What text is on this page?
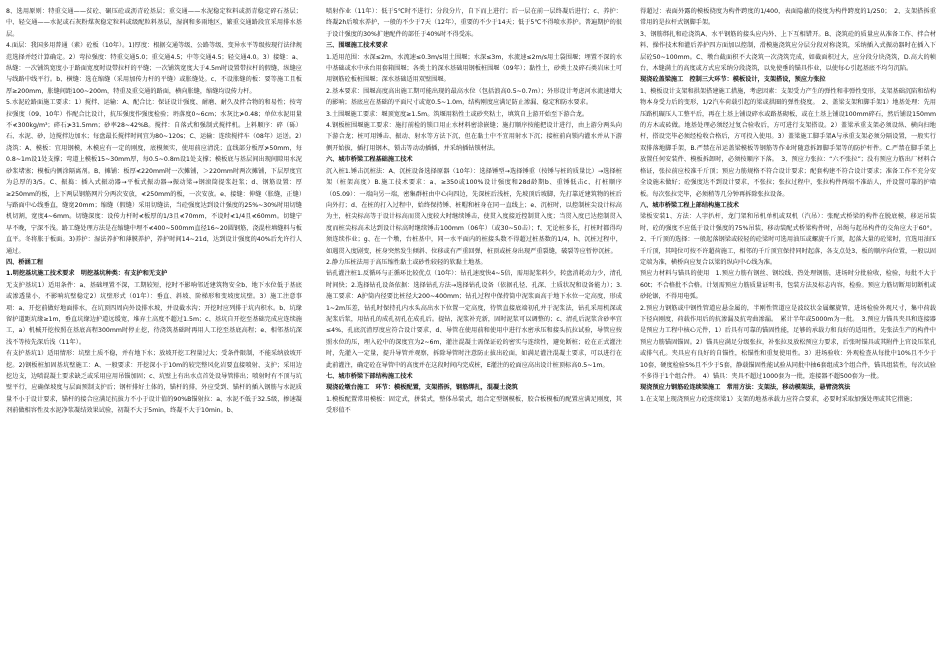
8、选用原则：特重交通——贫砼、碾压砼或沥青砼基层；重交通——水泥稳定粒料或沥青稳定碎石基层；中、轻交通——水泥或石灰粉煤灰稳定粒料或级配粒料基层，湿润和多雨地区，繁重交通路段宜采用排水基层。

4.面层：我国多用普通（素）砼板（10年）。1)厚度：根据交通等级、公路等级、变异水平等级按现行法律规范选择并经计算确定。2）弯拉强度：特重交通5.0；重交通4.5；中等交通4.5；轻交通4.0。3）接缝：a、纵缝：一次铺筑宽度小于路面宽度时设带拉杆的平缝；一次铺筑宽度大于4.5m时设置带拉杆的假缝，纵缝应与线路中线平行。b、横缝：选在缩缝（采用加传力杆的平缝）或胀缝处。c、不设胀缝的板：要等施工且板厚≥200mm，胀缝间距100~200m，特重及重交通的路面，横向胀缝，缩缝均设传力杆。

5.水泥砼路面施工要求：1）搅拌、运输：A、配合比：保证设计强度、耐磨、耐久及拌合物的和易性；按弯拉强度（09、10年）作配合比设计，抗压强度作强度检验；坍落度0~6cm；水灰比≯0.48；单位水泥用量不≮300kg/m³；碎石≯31.5mm；砂率28~42%B。搅拌：自落式和强制式搅拌机。上料顺序：碎（砾）石、水泥、砂，边搅拌边加水；每盘最长搅拌时间宜为80~120s；C、运输：连续搅拌车（08年）运送。2）浇筑：A、模板：宜用钢模，木模应有一定的刚度，底模须实，使用前应清洗；直线部分板厚≯50mm，每0.8~1m设1处支撑；弯道上模板15~30mm厚，每0.5~0.8m设1处支撑；模板底与基层间出现间隙用水泥砂浆堵塞；模板内侧涂隔离剂。B、摊铺：板厚≮220mm时一次摊铺，＞220mm时两次摊铺，下层厚度宜为总厚的3/5。C、振捣：插入式振动器→平板式振动器→振动梁→钢滚筒提浆赶浆；d、钢筋设置：厚≥250mm的板，上下两层钢筋网片分两次安放，≮250mm的板，一次安放。e、接缝：伸缝（胀缝，正缝）与路面中心线垂直，缝宽20mm；缩缝（假缝）采用切缝法，当砼强度达到设计强度的25%~30%时用切缝机切割，宽度4~6mm。切缝深度：设传力杆时≮板厚的1/3且≮70mm，不设时≮1/4且≮60mm。切缝宁早不晚，宁深不浅。路工缝处理方法是在缩缝中埋不≮400~500mm直径16~20圆钢筋，浇混柱填缝料与板直平。冬将胀于板面。3)养护：湿法养护和薄膜养护，养护时间14~21d，达到设计强度的40%后允许行人通过。

四、桥涵工程

1.明挖基坑施工技术要求　明挖基坑种类：有支护和无支护

无支护基坑1）适用条件：a、基础埋置不深，工期较短，挖时不影响邻近建筑物安全b、地下水位低于基底或渗透量小，不影响坑壁稳定2）坑壁形式（01年）：垂直、斜坡、阶梯形和变坡度坑壁。3）施工注意事项：a、开挖前做好地面排水，在坑顶四周向外设排水坡，并设截水沟；开挖时应列排于坑内积水。b、坑缘留护道距坑缘≥1m，垂直坑缘边护道远缓宽，堆弃土高度不超过1.5m；c、基坑自开挖至基础完成应连续施工，a）机械开挖按照在基底高程300mm时停止挖，待浇筑基础时再用人工挖至基底高程；e、相邻基坑深浅不等按先深后浅（11年）。

有支护基坑1）适用情形：坑壁土质不稳，并有地下水；放坡开挖工程量过大；受条件限制，不能采纳放坡开挖。2)钢板桩加固基坑壁施工：A、一般要求：开挖深小于10m的较完整风化岩要直接喷射、支护；采用边挖边支，边喷混凝土要求缺乏或采用应用吊锚加固；c、坑壁上有出水点首处设导管排出；喷射时有不顶与坑壁平行，应确保坡度与层面预制支护后；钢杆排好土体的，锚杆的排，外应受到、锚杆的插入钢筋与水泥质量不小于设计要求，锚杆的接合应满足抗拔力不小于设计值的90%B锚射拉：a、水泥不低于32.5级，掺速凝剂前做相容性及水泥净浆凝结效果试验，初凝不大于5min，终凝不大于10min。b、

喷射作业（11年）：低于5℃时不进行；分段分片，自下而上进行；后一层在前一层终凝后进行；c、养护：终凝2h后喷水养护，一般的不少于7天（12年），重要的不少于14天；低于5℃不得喷水养护。普遍期护的很于设计强度的30%扩建配件的部任于40%时不得受冻。

三、围堰施工技术要求

1.适用范围：水深≤2m，水流速≤0.3m/s用土围堰；水深≤3m，水流速≤2m/s用土袋围堰；埋置不深的水中基础或水中承台用套箱围堰；各类土的深水基础用钢板桩围堰（09年）；黏性土，砂类土及碎石类岩床土可用钢筋砼板桩围堰；深水基础适用双壁围堰。

2.基本要求：围堰高度高出施工期可能出现的最高水位（包括浪高0.5~0.7m）；外形设计考虑河水流速增大的影响；基底应在基础的平面尺寸或宽0.5~1.0m，结构刚度应满足防止渗漏、稳定和防水要求。

3.土围堰施工要求：堰顶宽度≥1.5m。筑堰用粘性土或砂夹粘土，填筑自上游开始至下游合龙。

4.钢板桩围堰施工要求：施打前检的锁口用止水材料密涂嵌缝；施打顺序按能把设计进行，由上游分两头向下游合龙；桩可用锤击、振动、射水等方法下沉，但在黏土中不宜用射水下沉；接桩前向锁内灌水并从下游侧开始拔，插打用钢木，锁击等动动插插，并采纳插钻锁材法。

六、城市桥梁工程基础施工技术

沉入桩1.锤击沉桩法：A、沉桩设备选择原器（10年）：选择锤型→选择锤重（按锤与桩的质量比）→选择桩架（桩架高度）B.施工技术要求：a、≥350或100%设计强度和28d龄期b、重锤低击c、打桩顺序（05.09）：一端向另一端，密集群桩由中心向四边，先深桩后浅桩，先坡顶后坡脚，先打靠近建筑物的桩后向外打；d、在桩的打入过程中，始终保持锤、桩帽和桩身在同一直线上；e、沉桩时，以控制桩尖设计标高为主，桩尖标高等于设计标高而贯入度较大时继续锤击，使贯入度接近控制贯入度；当贯入度已达控制贯入度而桩尖标高未达到设计标高时继续锤击100mm（06年）（或30~50击）；f、无论桩多长，打桩时都得均须连续作业；g、在一个墩，台桩基中，同一水平面内的桩接头数不得超过桩基数的1/4，h、沉桩过程中，如遇贯入度剧变，桩身突然发生倾斜、位移或有严重回弹，桩顶或桩身出现严重裂缝，破裂等应暂停沉桩。

2.静力压桩法用于高压缩性黏土或砂性较轻的软黏土地基。

钻孔灌注桩1.反循环与正循环比较优点（10年）：钻孔速度快4~5倍，需用泥浆料少，转盘消耗动力少，清孔时间快；2.选择钻孔设备依据：选择钻孔方法→选择钻孔设备（依据孔径、孔深、土质状况和设备能力）；3.施工要求：A护筒内径要比桩径大200~400mm；钻孔过程中保持筒中泥浆面高于地下水位一定高度，形成1~2m压差，钻孔时保持孔内水头高出水下位置一定高度，待管直接底端初孔并于泥浆法，钻孔采用机深或泥浆后浆，用钻孔的成孔初孔在成孔后。提钻，泥浆补充新，固时泥浆可以调整的；c、清孔后泥浆含砂率宜≤4%，孔底沉渣厚度应符合设计要求，d、导管在使用前和使用中进行水密承压和接头抗拉试验，导管应按照水位的压，埋入砼中的深度宜为2~6m，灌注混凝土需保证砼的密实与连续性，避免断桩；砼在正式灌注时，先灌入一定量，提升导管并观察，拆除导管时注意防止拔出砼面，如满足灌注混凝土要求，可以进行在此前灌注，确定砼在导管中的高度并在这段时间内完成桩，E灌注的砼面应高出设计桩顶标高0.5~1m。

七、城市桥梁下部结构施工技术

现浇砼墩台施工　环节：模板配置，支架搭拆，钢筋绑扎，混凝土浇筑

1.模板配置常用模板：固定式，拼装式，整体吊装式，组合定型钢模板，胶合板模板的配置应满足刚度，其受形值不

得超过：表面外露的模板挠度为构件跨度的1/400，表面隐蔽的挠度为构件跨度的1/250；　2、支架搭拆重常用的是拉杆式钢脚手架。

3、钢筋绑扎和砼浇筑A、水平钢筋的接头应内外、上下互相错开。B、浇筑砼的质量应从准备工作、拌合材料、操作技术和灌后养护四方面加以控制，滑模施浇筑应分层分段对称浇筑，采纳插入式振动器时在插入下层砼50~100mm。C、墩台截面积不大浇筑一次浇筑完成，如截面积过大，应分段分块浇筑，D.高大的帧台，木缝满土的高度或方式应采纳分段浇筑，以免使垂的锚具作业，以使每心引起基底不均匀沉陷。

现浇砼盖梁施工　控制三大环节：模板设计，支架搭设，预应力张拉

1、模板设计支架和拱架搭建施工措施，考虑因素：支架受力产生的弹性和非弹性变形，支架基础沉陷和结构物本身受力后的变形，1/2汽车荷载引起的梁或拱圈的弹性挠度。　2、盖梁支架和脚手架1）地基处理：先用压路机碾压人工整平后，再在土基上铺设碎水或路基砌板，或在土基上铺设100mm碎石，然后铺设150mm的方木或砖做。地基处理必须经过复合验收后，方可进行支架搭设。2）盖梁承重支架必须设纵、横向扫地杆，搭设完毕必须经检收合格后，方可投入使用。3）盖梁施工脚手架A与承重支架必须分隔设置，一般实行双排落地脚手架，B.严禁在吊运盖梁模板等钢筋等作业时随意拆卸脚手架等的防护杆件。C.严禁在脚手架上放置任何安装件、模板拆卸时，必须按顺序下落。　3、预应力张拉：“六不张拉”；没有预应力筋出厂材料合格证，张拉前应校准千斤顶；预应力筋规格不符合设计要求；配套构建不符合设计要求；准备工作不充分安全设施未做好；砼强度达不到设计要求，不张拉；张拉过程中，张拉构件两端不准站人，并设置可靠的护墙板。每次张拉完毕，必须稍等几分钟再拆除张拉设备。

八、城市桥梁工程上部结构施工技术

梁板安装1、方法：人字扒杆，龙门架和吊机单机或双机（汽吊）：张配式桥梁的构件在脱底模，移运吊装时，砼的强度不应低于设计强度的75%吊装，移动装配式桥梁构件时，吊绳与起吊构件的交角应大于60°。2、千斤顶的选择：一般起落钢梁或较轻的砼梁时可选用油压或螺旋千斤顶，起落大量的砼梁时，宜选用油压千斤顶，其吨位可按不许超荷施工，相邻的千斤顶宜保持同时起落，各支点处3、板的顺序向位置，一般以固定端为准，横桥向应复合以梁的纵向中心线为准。

预应力材料与锚具的使用　1.预应力筋有钢丝、钢绞线、热处理钢筋，进场时分批验收，检验，每批不大于60t；不合格批不合格。计划需预应力筋质量证明书，包装方法及标志内容，检验。预应力筋切断用切断机或砂轮锯，不得用电弧。

2.预应力钢筋或中钢性管道应悬金属的，半刚性管道应是波纹状金属螺旋管，进场检验外观尺寸，集中荷载下径向刚度，荷载作用后的抗渗漏及抗弯曲渗漏。　累计半年或5000m为一批。　3.预应力锚具夹具和连接器是预应力工程中核心元件，1）后具有可靠的锚固性能，足够的承载力和良好的适用性，先张法生产的构件中预应力筋锚固锚固。2）锚具应满足分级张拉，补张拉及放松预应力要求，后张时锚具或其附件上官设压浆孔或排气孔。夹具应有良好的自锚性，松锚性和重复使用性。3）进场验收：外观检查从每批中10%且不少于10套，硬度检验5%且不少于5套，静载锚固性能试验从同批中抽6套组成3个组合件，锚具组装性，每次试验不多得于1个组合件。　4）锚具：夹具不超过1000套为一批，连接器不超500套为一批。

现浇预应力钢筋砼连续梁施工　常用方法：支架法，移动模架法，悬臂浇筑法

1.在支架上现浇预应力砼连续梁1）支架的地基承载力应符合要求，必要时采取加强处理或其它措施；
